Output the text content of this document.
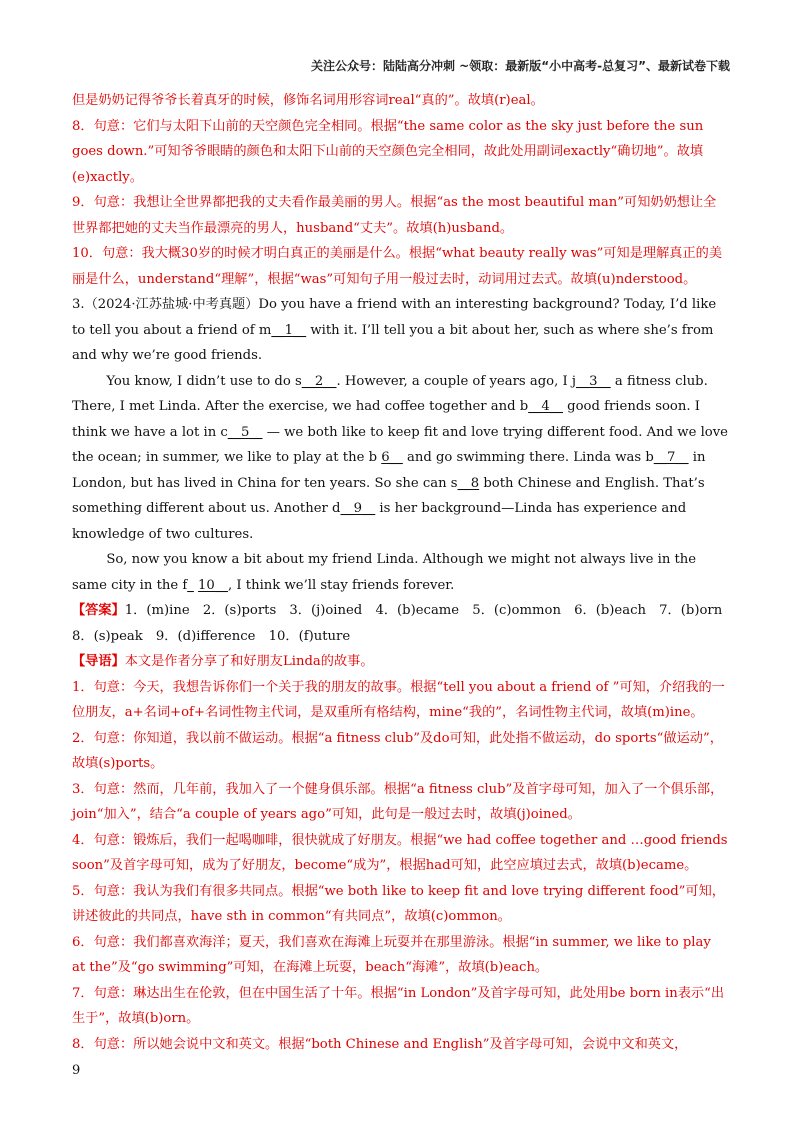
关注公众号：陆陆高分冲刺 ~领取：最新版“小中高考-总复习”、最新试卷下载

但是奶奶记得爷爷长着真牙的时候，修饰名词用形容词real“真的”。故填(r)eal。

8．句意：它们与太阳下山前的天空颜色完全相同。根据“the same color as the sky just before the sun goes down.”可知爷爷眼睛的颜色和太阳下山前的天空颜色完全相同，故此处用副词exactly“确切地”。故填(e)xactly。

9．句意：我想让全世界都把我的丈夫看作最美丽的男人。根据“as the most beautiful man”可知奶奶想让全世界都把她的丈夫当作最漂亮的男人，husband“丈夫”。故填(h)usband。

10．句意：我大概30岁的时候才明白真正的美丽是什么。根据“what beauty really was”可知是理解真正的美丽是什么，understand“理解”，根据“was”可知句子用一般过去时，动词用过去式。故填(u)nderstood。

3.（2024·江苏盐城·中考真题）Do you have a friend with an interesting background? Today, I’d like to tell you about a friend of m__1__ with it. I’ll tell you a bit about her, such as where she’s from and why we’re good friends.

You know, I didn’t use to do s__2__. However, a couple of years ago, I j__3__ a fitness club. There, I met Linda. After the exercise, we had coffee together and b__4__ good friends soon. I think we have a lot in c__5__ — we both like to keep fit and love trying different food. And we love the ocean; in summer, we like to play at the b 6__ and go swimming there. Linda was b__7__ in London, but has lived in China for ten years. So she can s__8 both Chinese and English. That’s something different about us. Another d__9__ is her background—Linda has experience and knowledge of two cultures.

So, now you know a bit about my friend Linda. Although we might not always live in the same city in the f_ 10__, I think we’ll stay friends forever.

【答案】1．(m)ine　2．(s)ports　3．(j)oined　4．(b)ecame　5．(c)ommon　6．(b)each　7．(b)orn　8．(s)peak　9．(d)ifference　10．(f)uture

【导语】本文是作者分享了和好朋友Linda的故事。

1．句意：今天，我想告诉你们一个关于我的朋友的故事。根据“tell you about a friend of ”可知，介绍我的一位朋友，a+名词+of+名词性物主代词，是双重所有格结构，mine“我的”，名词性物主代词，故填(m)ine。

2．句意：你知道，我以前不做运动。根据“a fitness club”及do可知，此处指不做运动，do sports“做运动”，故填(s)ports。

3．句意：然而，几年前，我加入了一个健身俱乐部。根据“a fitness club”及首字母可知，加入了一个俱乐部，join“加入”，结合“a couple of years ago”可知，此句是一般过去时，故填(j)oined。

4．句意：锻炼后，我们一起喝咖啡，很快就成了好朋友。根据“we had coffee together and …good friends soon”及首字母可知，成为了好朋友，become“成为”，根据had可知，此空应填过去式，故填(b)ecame。

5．句意：我认为我们有很多共同点。根据“we both like to keep fit and love trying different food”可知，讲述彼此的共同点，have sth in common“有共同点”，故填(c)ommon。

6．句意：我们都喜欢海洋；夏天，我们喜欢在海滩上玩耍并在那里游泳。根据“in summer, we like to play at the”及“go swimming”可知，在海滩上玩耍，beach“海滩”，故填(b)each。

7．句意：琳达出生在伦敦，但在中国生活了十年。根据“in London”及首字母可知，此处用be born in表示“出生于”，故填(b)orn。

8．句意：所以她会说中文和英文。根据“both Chinese and English”及首字母可知，会说中文和英文，

9
